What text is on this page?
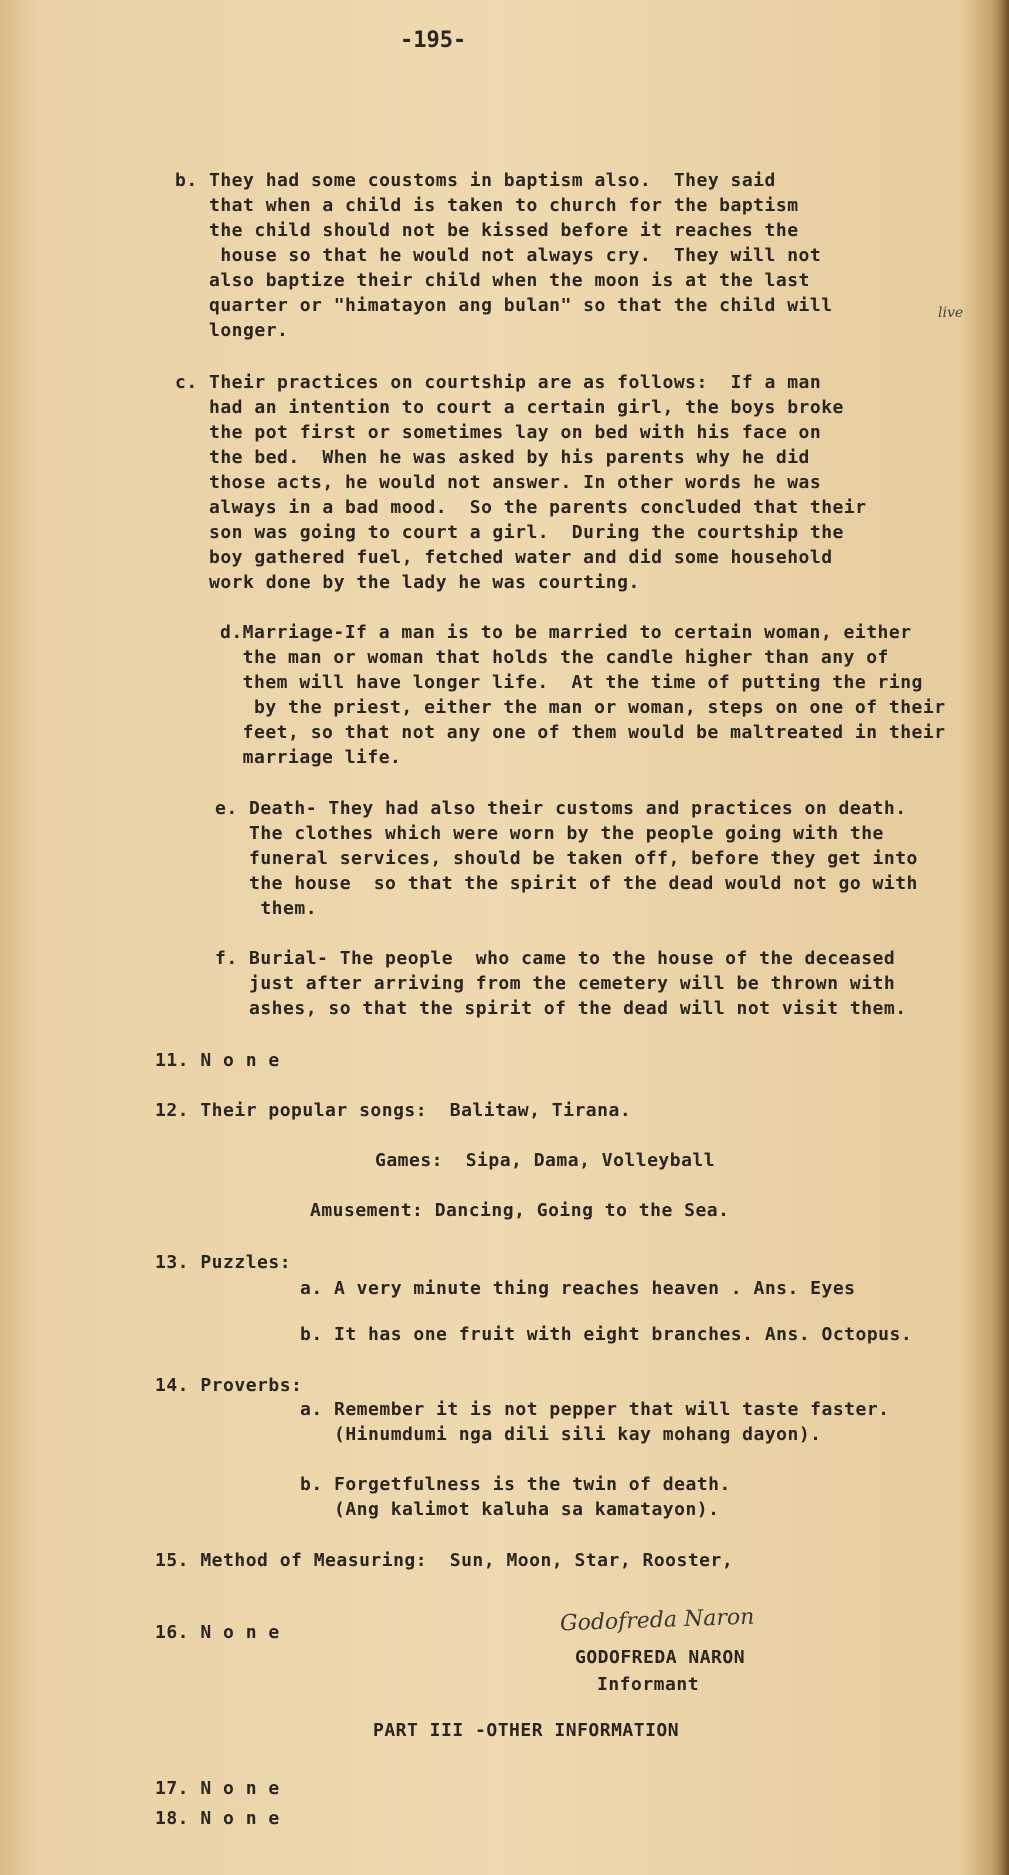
-195-
b. They had some coustoms in baptism also.  They said
that when a child is taken to church for the baptism
the child should not be kissed before it reaches the
house so that he would not always cry.  They will not
also baptize their child when the moon is at the last
quarter or "himatayon ang bulan" so that the child will
longer.
live
c. Their practices on courtship are as follows:  If a man
had an intention to court a certain girl, the boys broke
the pot first or sometimes lay on bed with his face on
the bed.  When he was asked by his parents why he did
those acts, he would not answer. In other words he was
always in a bad mood.  So the parents concluded that their
son was going to court a girl.  During the courtship the
boy gathered fuel, fetched water and did some household
work done by the lady he was courting.
d.Marriage-If a man is to be married to certain woman, either
the man or woman that holds the candle higher than any of
them will have longer life.  At the time of putting the ring
by the priest, either the man or woman, steps on one of their
feet, so that not any one of them would be maltreated in their
marriage life.
e. Death- They had also their customs and practices on death.
The clothes which were worn by the people going with the
funeral services, should be taken off, before they get into
the house  so that the spirit of the dead would not go with
them.
f. Burial- The people  who came to the house of the deceased
just after arriving from the cemetery will be thrown with
ashes, so that the spirit of the dead will not visit them.
11. N o n e
12. Their popular songs:  Balitaw, Tirana.
Games:  Sipa, Dama, Volleyball
Amusement: Dancing, Going to the Sea.
13. Puzzles:
a. A very minute thing reaches heaven . Ans. Eyes
b. It has one fruit with eight branches. Ans. Octopus.
14. Proverbs:
a. Remember it is not pepper that will taste faster.
(Hinumdumi nga dili sili kay mohang dayon).
b. Forgetfulness is the twin of death.
(Ang kalimot kaluha sa kamatayon).
15. Method of Measuring:  Sun, Moon, Star, Rooster,
16. N o n e	Godofreda Naron
GODOFREDA NARON
Informant
PART III -OTHER INFORMATION
17. N o n e
18. N o n e
